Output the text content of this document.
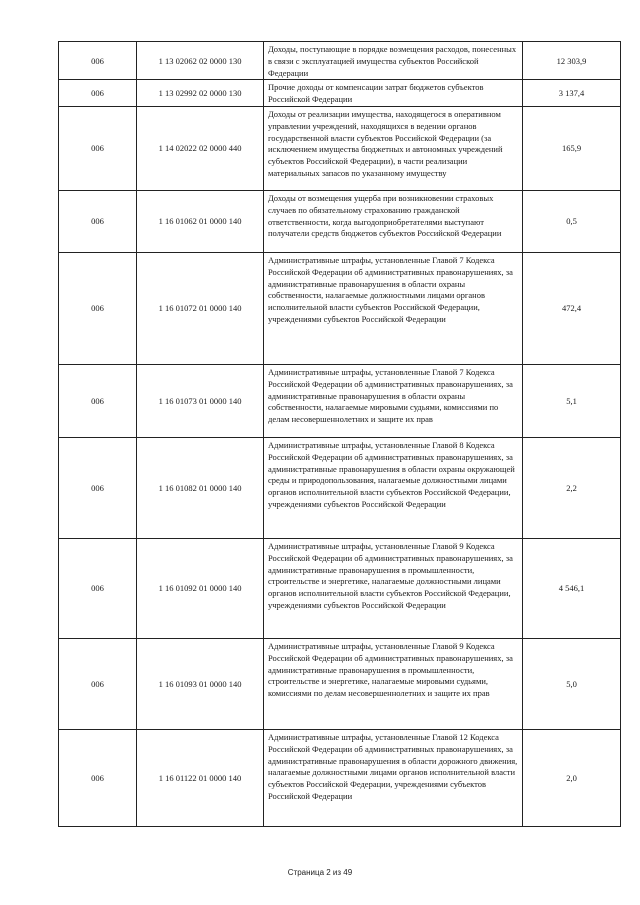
006	1 13 02062 02 0000 130	Доходы, поступающие в порядке возмещения расходов, понесенных в связи с эксплуатацией имущества субъектов Российской Федерации	12 303,9
006	1 13 02992 02 0000 130	Прочие доходы от компенсации затрат бюджетов субъектов Российской Федерации	3 137,4
006	1 14 02022 02 0000 440	Доходы от реализации имущества, находящегося в оперативном управлении учреждений, находящихся в ведении органов государственной власти субъектов Российской Федерации (за исключением имущества бюджетных и автономных учреждений субъектов Российской Федерации), в части реализации материальных запасов по указанному имуществу	165,9
006	1 16 01062 01 0000 140	Доходы от возмещения ущерба при возникновении страховых случаев по обязательному страхованию гражданской ответственности, когда выгодоприобретателями выступают получатели средств бюджетов субъектов Российской Федерации	0,5
006	1 16 01072 01 0000 140	Административные штрафы, установленные Главой 7 Кодекса Российской Федерации об административных правонарушениях, за административные правонарушения в области охраны собственности, налагаемые должностными лицами органов исполнительной власти субъектов Российской Федерации, учреждениями субъектов Российской Федерации	472,4
006	1 16 01073 01 0000 140	Административные штрафы, установленные Главой 7 Кодекса Российской Федерации об административных правонарушениях, за административные правонарушения в области охраны собственности, налагаемые мировыми судьями, комиссиями по делам несовершеннолетних и защите их прав	5,1
006	1 16 01082 01 0000 140	Административные штрафы, установленные Главой 8 Кодекса Российской Федерации об административных правонарушениях, за административные правонарушения в области охраны окружающей среды и природопользования, налагаемые должностными лицами органов исполнительной власти субъектов Российской Федерации, учреждениями субъектов Российской Федерации	2,2
006	1 16 01092 01 0000 140	Административные штрафы, установленные Главой 9 Кодекса Российской Федерации об административных правонарушениях, за административные правонарушения в промышленности, строительстве и энергетике, налагаемые должностными лицами органов исполнительной власти субъектов Российской Федерации, учреждениями субъектов Российской Федерации	4 546,1
006	1 16 01093 01 0000 140	Административные штрафы, установленные Главой 9 Кодекса Российской Федерации об административных правонарушениях, за административные правонарушения в промышленности, строительстве и энергетике, налагаемые мировыми судьями, комиссиями по делам несовершеннолетних и защите их прав	5,0
006	1 16 01122 01 0000 140	Административные штрафы, установленные Главой 12 Кодекса Российской Федерации об административных правонарушениях, за административные правонарушения в области дорожного движения, налагаемые должностными лицами органов исполнительной власти субъектов Российской Федерации, учреждениями субъектов Российской Федерации	2,0
Страница 2 из 49
